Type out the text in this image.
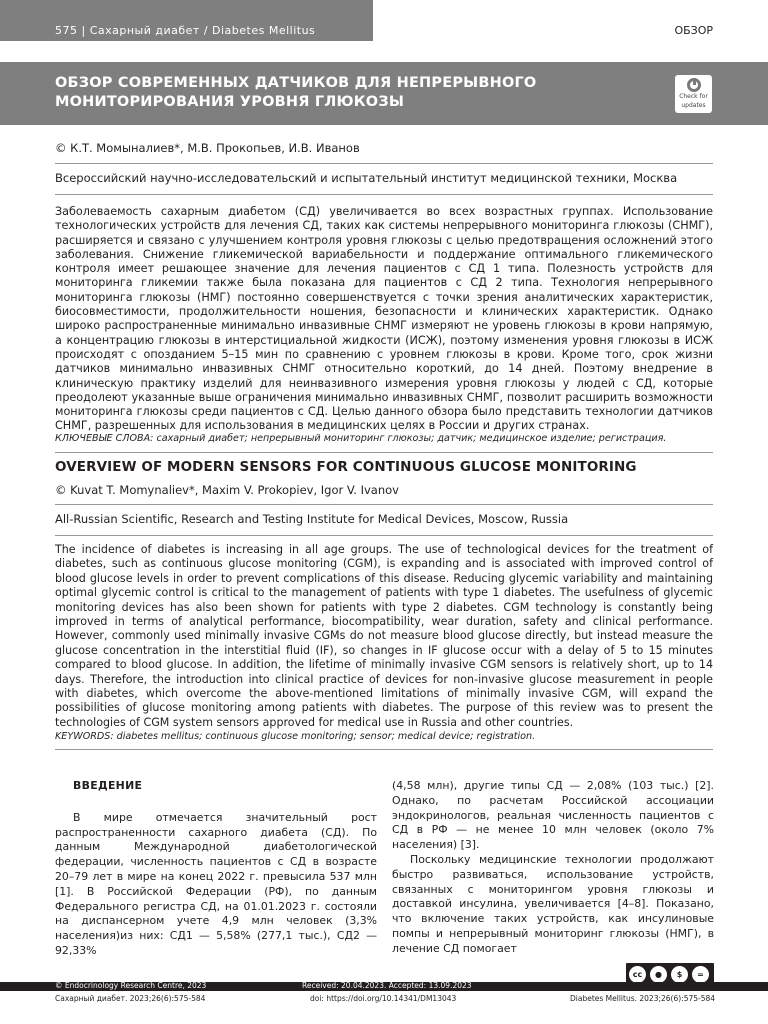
575 | Сахарный диабет / Diabetes Mellitus	ОБЗОР
ОБЗОР СОВРЕМЕННЫХ ДАТЧИКОВ ДЛЯ НЕПРЕРЫВНОГО МОНИТОРИРОВАНИЯ УРОВНЯ ГЛЮКОЗЫ	Check for
updates
© К.Т. Момыналиев*, М.В. Прокопьев, И.В. Иванов
Всероссийский научно-исследовательский и испытательный институт медицинской техники, Москва
Заболеваемость сахарным диабетом (СД) увеличивается во всех возрастных группах. Использование технологических устройств для лечения СД, таких как системы непрерывного мониторинга глюкозы (СНМГ), расширяется и связано с улучшением контроля уровня глюкозы с целью предотвращения осложнений этого заболевания. Снижение гликемической вариабельности и поддержание оптимального гликемического контроля имеет решающее значение для лечения пациентов с СД 1 типа. Полезность устройств для мониторинга гликемии также была показана для пациентов с СД 2 типа. Технология непрерывного мониторинга глюкозы (НМГ) постоянно совершенствуется с точки зрения аналитических характеристик, биосовместимости, продолжительности ношения, безопасности и клинических характеристик. Однако широко распространенные минимально инвазивные СНМГ измеряют не уровень глюкозы в крови напрямую, а концентрацию глюкозы в интерстициальной жидкости (ИСЖ), поэтому изменения уровня глюкозы в ИСЖ происходят с опозданием 5–15 мин по сравнению с уровнем глюкозы в крови. Кроме того, срок жизни датчиков минимально инвазивных СНМГ относительно короткий, до 14 дней. Поэтому внедрение в клиническую практику изделий для неинвазивного измерения уровня глюкозы у людей с СД, которые преодолеют указанные выше ограничения минимально инвазивных СНМГ, позволит расширить возможности мониторинга глюкозы среди пациентов с СД. Целью данного обзора было представить технологии датчиков СНМГ, разрешенных для использования в медицинских целях в России и других странах.
КЛЮЧЕВЫЕ СЛОВА: сахарный диабет; непрерывный мониторинг глюкозы; датчик; медицинское изделие; регистрация.
OVERVIEW OF MODERN SENSORS FOR CONTINUOUS GLUCOSE MONITORING
© Kuvat T. Momynaliev*, Maxim V. Prokopiev, Igor V. Ivanov
All-Russian Scientific, Research and Testing Institute for Medical Devices, Moscow, Russia
The incidence of diabetes is increasing in all age groups. The use of technological devices for the treatment of diabetes, such as continuous glucose monitoring (CGM), is expanding and is associated with improved control of blood glucose levels in order to prevent complications of this disease. Reducing glycemic variability and maintaining optimal glycemic control is critical to the management of patients with type 1 diabetes. The usefulness of glycemic monitoring devices has also been shown for patients with type 2 diabetes. CGM technology is constantly being improved in terms of analytical performance, biocompatibility, wear duration, safety and clinical performance. However, commonly used minimally invasive CGMs do not measure blood glucose directly, but instead measure the glucose concentration in the interstitial fluid (IF), so changes in IF glucose occur with a delay of 5 to 15 minutes compared to blood glucose. In addition, the lifetime of minimally invasive CGM sensors is relatively short, up to 14 days. Therefore, the introduction into clinical practice of devices for non-invasive glucose measurement in people with diabetes, which overcome the above-mentioned limitations of minimally invasive CGM, will expand the possibilities of glucose monitoring among patients with diabetes. The purpose of this review was to present the technologies of CGM system sensors approved for medical use in Russia and other countries.
KEYWORDS: diabetes mellitus; continuous glucose monitoring; sensor; medical device; registration.

ВВЕДЕНИЕ

В мире отмечается значительный рост распространенности сахарного диабета (СД). По данным Международной диабетологической федерации, численность пациентов с СД в возрасте 20–79 лет в мире на конец 2022 г. превысила 537 млн [1]. В Российской Федерации (РФ), по данным Федерального регистра СД, на 01.01.2023 г. состояли на диспансерном учете 4,9 млн человек (3,3% населения)из них: СД1 — 5,58% (277,1 тыс.), СД2 — 92,33%

(4,58 млн), другие типы СД — 2,08% (103 тыс.) [2]. Однако, по расчетам Российской ассоциации эндокринологов, реальная численность пациентов с СД в РФ — не менее 10 млн человек (около 7% населения) [3].

Поскольку медицинские технологии продолжают быстро развиваться, использование устройств, связанных с мониторингом уровня глюкозы и доставкой инсулина, увеличивается [4–8]. Показано, что включение таких устройств, как инсулиновые помпы и непрерывный мониторинг глюкозы (НМГ), в лечение СД помогает

cc	●	$	=
© Endocrinology Research Centre, 2023	Received: 20.04.2023. Accepted: 13.09.2023
Сахарный диабет. 2023;26(6):575-584	doi: https://doi.org/10.14341/DM13043	Diabetes Mellitus. 2023;26(6):575-584
